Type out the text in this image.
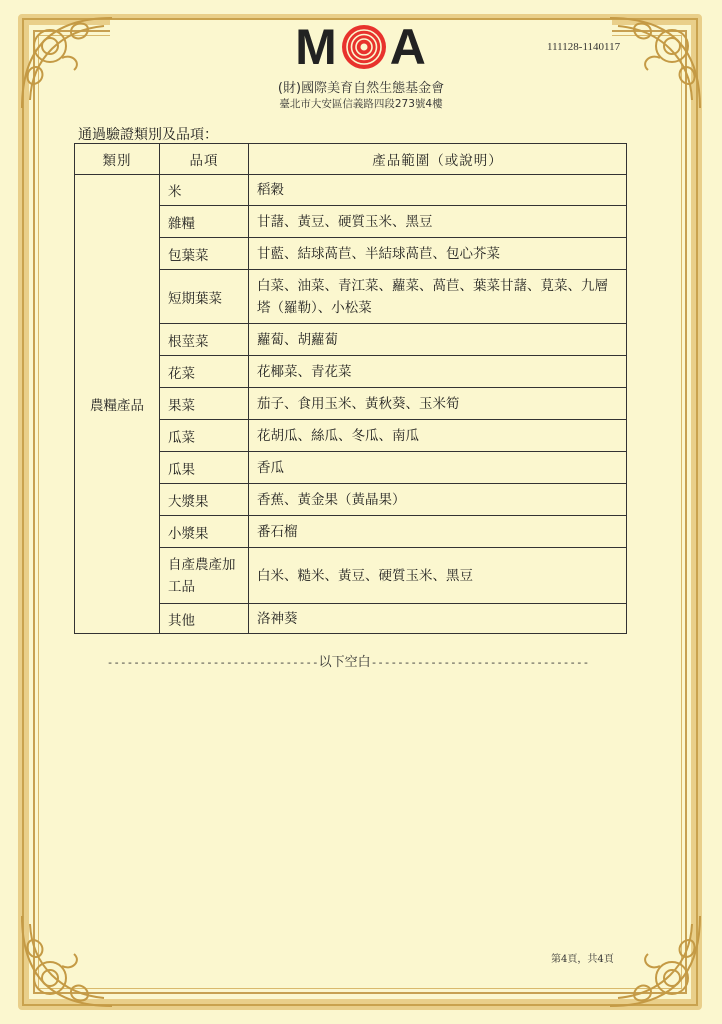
M A	111128-1140117
(財)國際美育自然生態基金會
臺北市大安區信義路四段273號4樓
通過驗證類別及品項：
類別	品項	產品範圍（或說明）
農糧產品	米	稻穀
	雜糧	甘藷、黃豆、硬質玉米、黑豆
	包葉菜	甘藍、結球萵苣、半結球萵苣、包心芥菜
	短期葉菜	白菜、油菜、青江菜、蘿菜、萵苣、葉菜甘藷、莧菜、九層塔（羅勒）、小松菜
	根莖菜	蘿蔔、胡蘿蔔
	花菜	花椰菜、青花菜
	果菜	茄子、食用玉米、黃秋葵、玉米筍
	瓜菜	花胡瓜、絲瓜、冬瓜、南瓜
	瓜果	香瓜
	大漿果	香蕉、黃金果（黃晶果）
	小漿果	番石榴
	自產農產加工品	白米、糙米、黃豆、硬質玉米、黑豆
	其他	洛神葵
--------------------------------以下空白---------------------------------
第4頁，共4頁
